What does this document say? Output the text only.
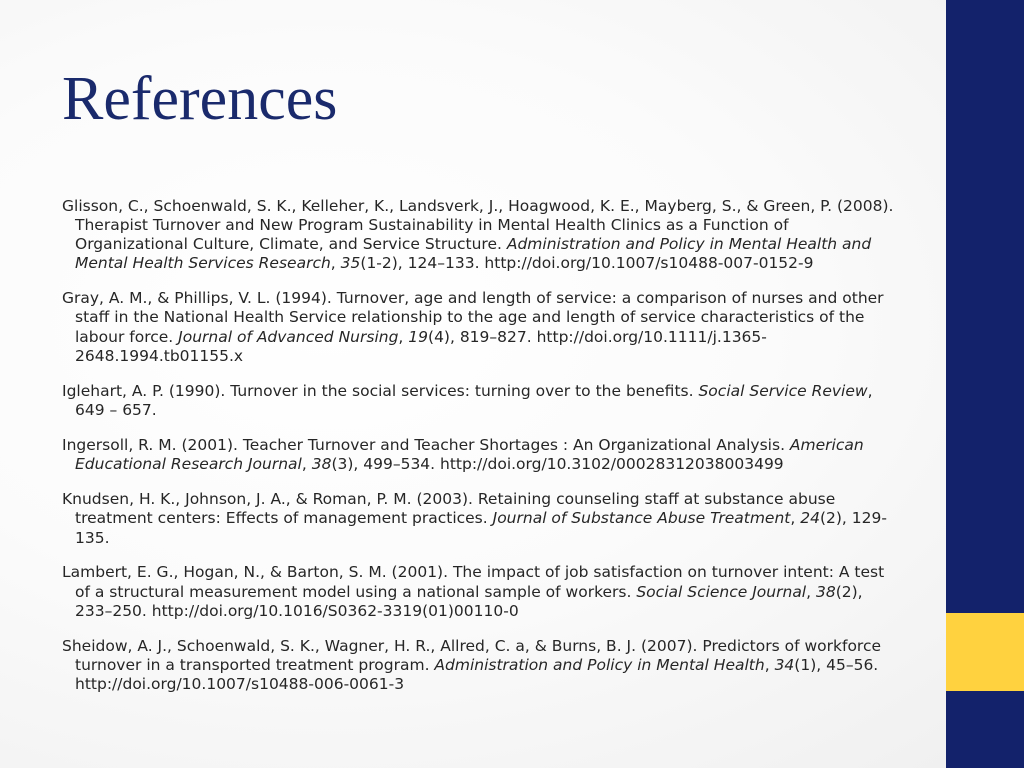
References

Glisson, C., Schoenwald, S. K., Kelleher, K., Landsverk, J., Hoagwood, K. E., Mayberg, S., & Green, P. (2008). Therapist Turnover and New Program Sustainability in Mental Health Clinics as a Function of Organizational Culture, Climate, and Service Structure. Administration and Policy in Mental Health and Mental Health Services Research, 35(1-2), 124–133. http://doi.org/10.1007/s10488-007-0152-9

Gray, A. M., & Phillips, V. L. (1994). Turnover, age and length of service: a comparison of nurses and other staff in the National Health Service relationship to the age and length of service characteristics of the labour force. Journal of Advanced Nursing, 19(4), 819–827. http://doi.org/10.1111/j.1365-2648.1994.tb01155.x

Iglehart, A. P. (1990). Turnover in the social services: turning over to the benefits. Social Service Review, 649 – 657.

Ingersoll, R. M. (2001). Teacher Turnover and Teacher Shortages : An Organizational Analysis. American Educational Research Journal, 38(3), 499–534. http://doi.org/10.3102/00028312038003499

Knudsen, H. K., Johnson, J. A., & Roman, P. M. (2003). Retaining counseling staff at substance abuse treatment centers: Effects of management practices. Journal of Substance Abuse Treatment, 24(2), 129-135.

Lambert, E. G., Hogan, N., & Barton, S. M. (2001). The impact of job satisfaction on turnover intent: A test of a structural measurement model using a national sample of workers. Social Science Journal, 38(2), 233–250. http://doi.org/10.1016/S0362-3319(01)00110-0

Sheidow, A. J., Schoenwald, S. K., Wagner, H. R., Allred, C. a, & Burns, B. J. (2007). Predictors of workforce turnover in a transported treatment program. Administration and Policy in Mental Health, 34(1), 45–56. http://doi.org/10.1007/s10488-006-0061-3
